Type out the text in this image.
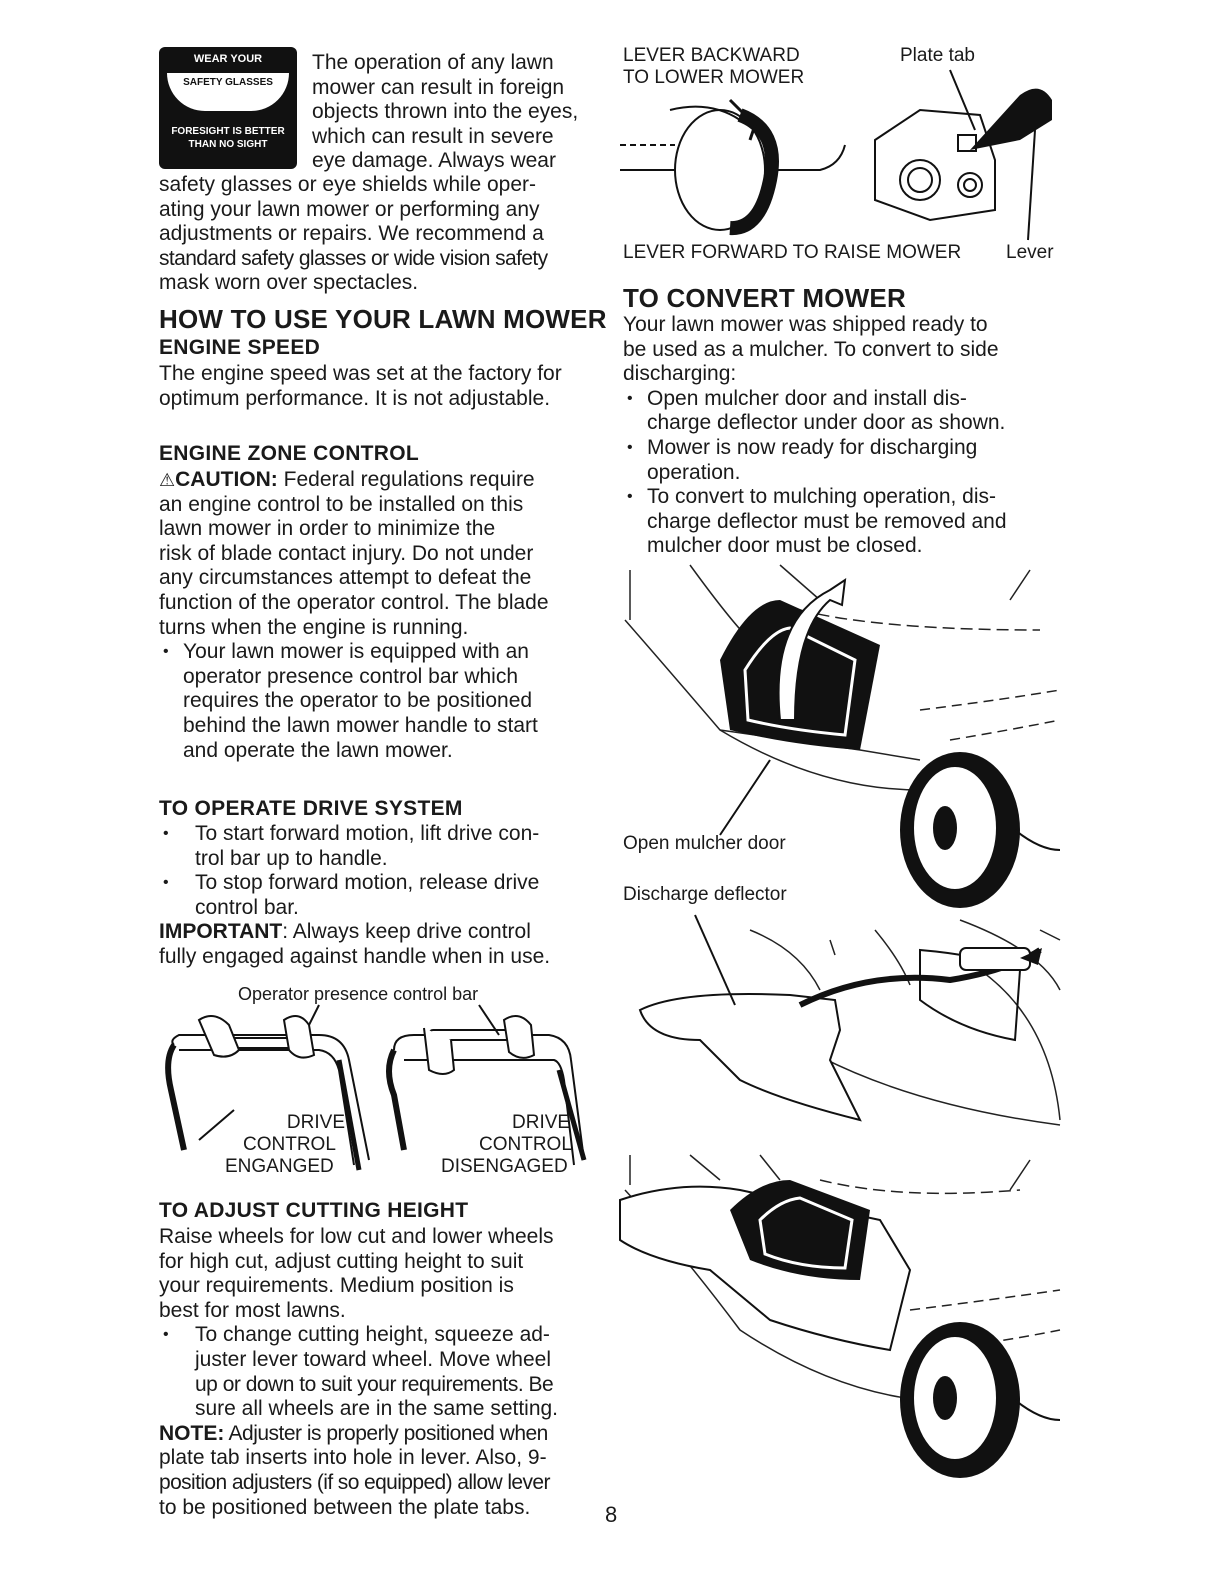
WEAR YOUR
SAFETY GLASSES
FORESIGHT IS BETTER
THAN NO SIGHT
The operation of any lawn
mower can result in foreign
objects thrown into the eyes,
which can result in severe
eye damage. Always wear
safety glasses or eye shields while oper-
ating your lawn mower or performing any
adjustments or repairs. We recommend a
standard safety glasses or wide vision safety
mask worn over spectacles.
HOW TO USE YOUR LAWN MOWER
ENGINE SPEED
The engine speed was set at the factory for
optimum performance. It is not adjustable.
ENGINE ZONE CONTROL
⚠CAUTION: Federal regulations require
an engine control to be installed on this
lawn mower in order to minimize the
risk of blade contact injury. Do not under
any circumstances attempt to defeat the
function of the operator control. The blade
turns when the engine is running.
• Your lawn mower is equipped with an
operator presence control bar which
requires the operator to be positioned
behind the lawn mower handle to start
and operate the lawn mower.
TO OPERATE DRIVE SYSTEM
• To start forward motion, lift drive con-
trol bar up to handle.
• To stop forward motion, release drive
control bar.
IMPORTANT: Always keep drive control
fully engaged against handle when in use.
Operator presence control bar
DRIVE
CONTROL
ENGANGED
DRIVE
CONTROL
DISENGAGED
TO ADJUST CUTTING HEIGHT
Raise wheels for low cut and lower wheels
for high cut, adjust cutting height to suit
your requirements. Medium position is
best for most lawns.
• To change cutting height, squeeze ad-
juster lever toward wheel. Move wheel
up or down to suit your requirements. Be
sure all wheels are in the same setting.
NOTE: Adjuster is properly positioned when
plate tab inserts into hole in lever. Also, 9-
position adjusters (if so equipped) allow lever
to be positioned between the plate tabs.	8
LEVER BACKWARD
TO LOWER MOWER
Plate tab
LEVER FORWARD TO RAISE MOWER Lever
TO CONVERT MOWER
Your lawn mower was shipped ready to
be used as a mulcher. To convert to side
discharging:
• Open mulcher door and install dis-
charge deflector under door as shown.
• Mower is now ready for discharging
operation.
• To convert to mulching operation, dis-
charge deflector must be removed and
mulcher door must be closed.
Open mulcher door
Discharge deflector
